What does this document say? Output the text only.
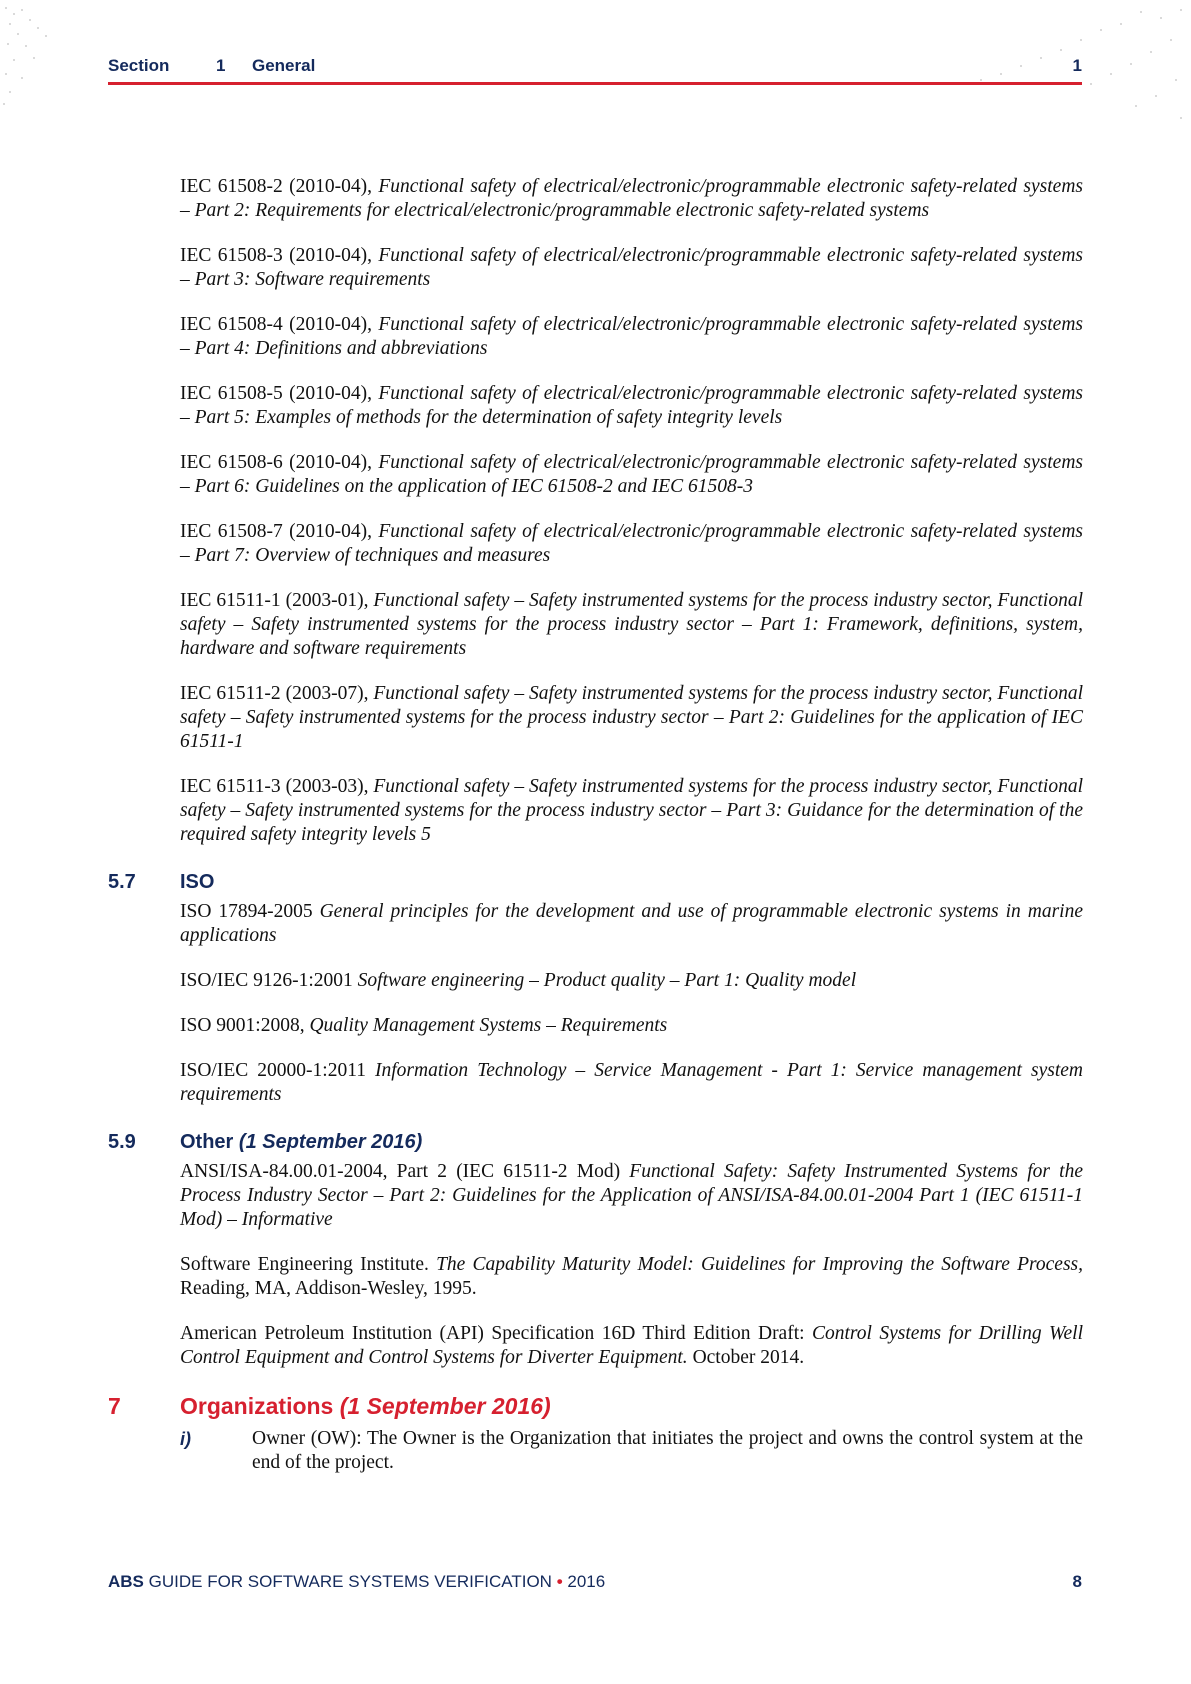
Section	1 General	1

IEC 61508-2 (2010-04), Functional safety of electrical/electronic/programmable electronic safety-related systems – Part 2: Requirements for electrical/electronic/programmable electronic safety-related systems

IEC 61508-3 (2010-04), Functional safety of electrical/electronic/programmable electronic safety-related systems – Part 3: Software requirements

IEC 61508-4 (2010-04), Functional safety of electrical/electronic/programmable electronic safety-related systems – Part 4: Definitions and abbreviations

IEC 61508-5 (2010-04), Functional safety of electrical/electronic/programmable electronic safety-related systems – Part 5: Examples of methods for the determination of safety integrity levels

IEC 61508-6 (2010-04), Functional safety of electrical/electronic/programmable electronic safety-related systems – Part 6: Guidelines on the application of IEC 61508-2 and IEC 61508-3

IEC 61508-7 (2010-04), Functional safety of electrical/electronic/programmable electronic safety-related systems – Part 7: Overview of techniques and measures

IEC 61511-1 (2003-01), Functional safety – Safety instrumented systems for the process industry sector, Functional safety – Safety instrumented systems for the process industry sector – Part 1: Framework, definitions, system, hardware and software requirements

IEC 61511-2 (2003-07), Functional safety – Safety instrumented systems for the process industry sector, Functional safety – Safety instrumented systems for the process industry sector – Part 2: Guidelines for the application of IEC 61511-1

IEC 61511-3 (2003-03), Functional safety – Safety instrumented systems for the process industry sector, Functional safety – Safety instrumented systems for the process industry sector – Part 3: Guidance for the determination of the required safety integrity levels 5

5.7 ISO

ISO 17894-2005 General principles for the development and use of programmable electronic systems in marine applications

ISO/IEC 9126-1:2001 Software engineering – Product quality – Part 1: Quality model

ISO 9001:2008, Quality Management Systems – Requirements

ISO/IEC 20000-1:2011 Information Technology – Service Management - Part 1: Service management system requirements

5.9 Other (1 September 2016)

ANSI/ISA-84.00.01-2004, Part 2 (IEC 61511-2 Mod) Functional Safety: Safety Instrumented Systems for the Process Industry Sector – Part 2: Guidelines for the Application of ANSI/ISA-84.00.01-2004 Part 1 (IEC 61511-1 Mod) – Informative

Software Engineering Institute. The Capability Maturity Model: Guidelines for Improving the Software Process, Reading, MA, Addison-Wesley, 1995.

American Petroleum Institution (API) Specification 16D Third Edition Draft: Control Systems for Drilling Well Control Equipment and Control Systems for Diverter Equipment. October 2014.

7	Organizations (1 September 2016)
i)	Owner (OW): The Owner is the Organization that initiates the project and owns the control system at the end of the project.
ABS GUIDE FOR SOFTWARE SYSTEMS VERIFICATION • 2016	8
